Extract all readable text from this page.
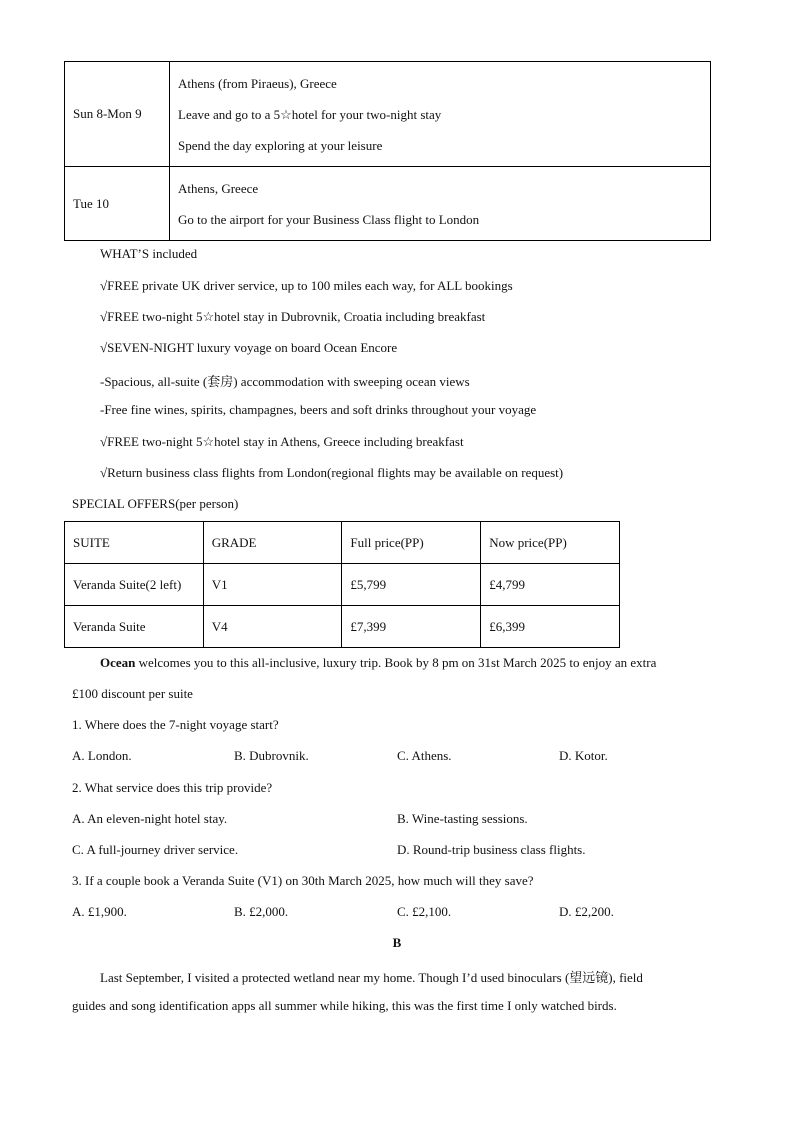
Sun 8-Mon 9	Athens (from Piraeus), Greece
Leave and go to a 5☆hotel for your two-night stay
Spend the day exploring at your leisure

Tue 10	Athens, Greece
Go to the airport for your Business Class flight to London
WHAT’S included
√FREE private UK driver service, up to 100 miles each way, for ALL bookings
√FREE two-night 5☆hotel stay in Dubrovnik, Croatia including breakfast
√SEVEN-NIGHT luxury voyage on board Ocean Encore
-Spacious, all-suite (套房) accommodation with sweeping ocean views
-Free fine wines, spirits, champagnes, beers and soft drinks throughout your voyage
√FREE two-night 5☆hotel stay in Athens, Greece including breakfast
√Return business class flights from London(regional flights may be available on request)
SPECIAL OFFERS(per person)
SUITE	GRADE	Full price(PP)	Now price(PP)
Veranda Suite(2 left)	V1	£5,799	£4,799
Veranda Suite	V4	£7,399	£6,399
Ocean welcomes you to this all-inclusive, luxury trip. Book by 8 pm on 31st March 2025 to enjoy an extra
£100 discount per suite
1. Where does the 7-night voyage start?
A. London.	B. Dubrovnik.	C. Athens.	D. Kotor.
2. What service does this trip provide?
A. An eleven-night hotel stay.	B. Wine-tasting sessions.
C. A full-journey driver service.	D. Round-trip business class flights.
3. If a couple book a Veranda Suite (V1) on 30th March 2025, how much will they save?
A. £1,900.	B. £2,000.	C. £2,100.	D. £2,200.
B
Last September, I visited a protected wetland near my home. Though I’d used binoculars (望远镜), field
guides and song identification apps all summer while hiking, this was the first time I only watched birds.
